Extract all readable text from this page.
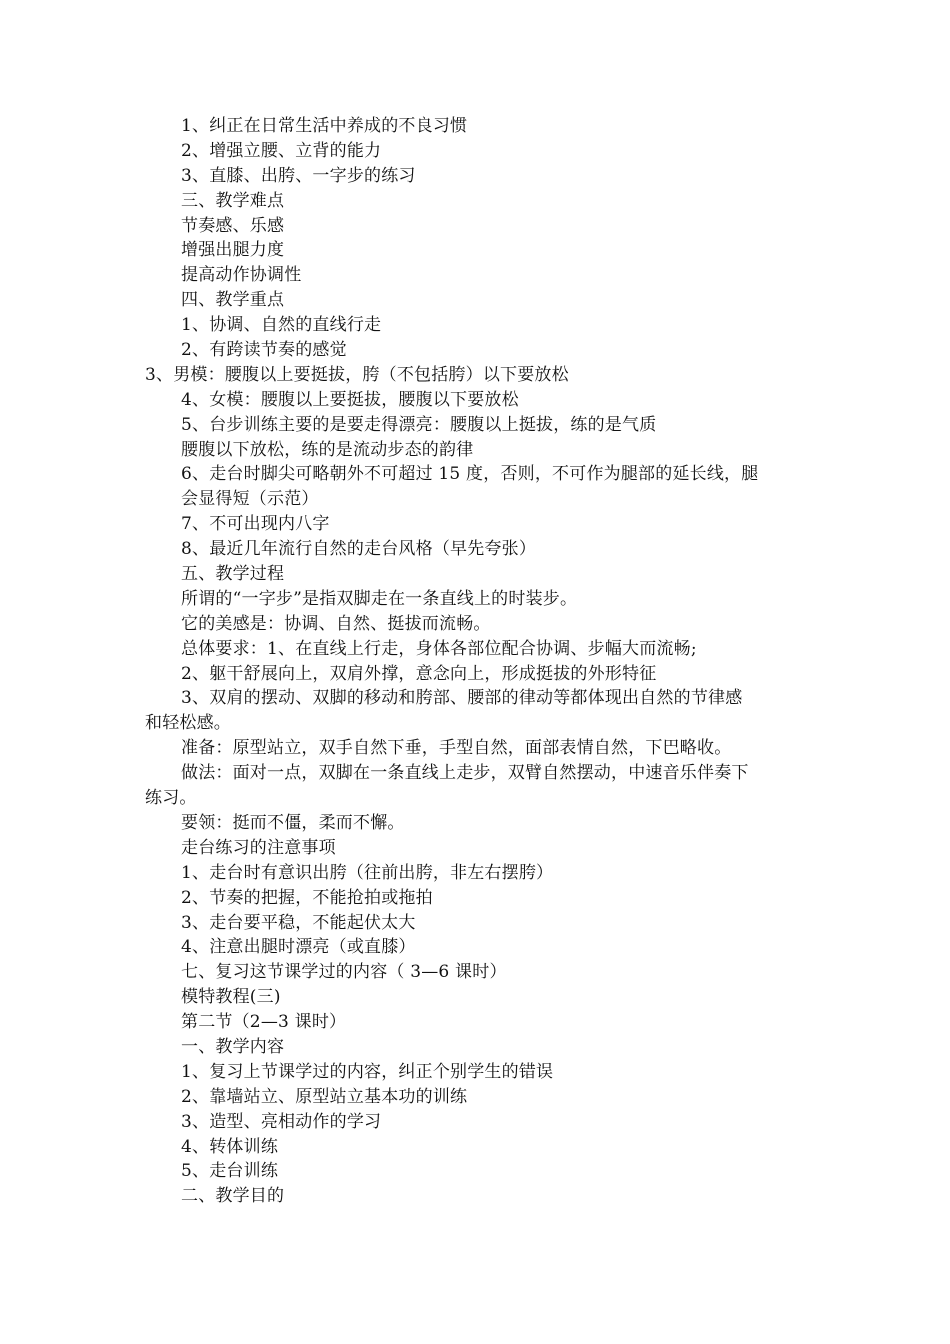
1、纠正在日常生活中养成的不良习惯
2、增强立腰、立背的能力
3、直膝、出胯、一字步的练习
三、教学难点
节奏感、乐感
增强出腿力度
提高动作协调性
四、教学重点
1、协调、自然的直线行走
2、有跨读节奏的感觉
3、男模：腰腹以上要挺拔，胯（不包括胯）以下要放松
4、女模：腰腹以上要挺拔，腰腹以下要放松
5、台步训练主要的是要走得漂亮：腰腹以上挺拔，练的是气质
腰腹以下放松，练的是流动步态的韵律
6、走台时脚尖可略朝外不可超过 15 度，否则，不可作为腿部的延长线，腿
会显得短（示范）
7、不可出现内八字
8、最近几年流行自然的走台风格（早先夸张）
五、教学过程
所谓的“一字步”是指双脚走在一条直线上的时装步。
它的美感是：协调、自然、挺拔而流畅。
总体要求：1、在直线上行走，身体各部位配合协调、步幅大而流畅;
2、躯干舒展向上，双肩外撑，意念向上，形成挺拔的外形特征
3、双肩的摆动、双脚的移动和胯部、腰部的律动等都体现出自然的节律感
和轻松感。
准备：原型站立，双手自然下垂，手型自然，面部表情自然，下巴略收。
做法：面对一点，双脚在一条直线上走步，双臂自然摆动，中速音乐伴奏下
练习。
要领：挺而不僵，柔而不懈。
走台练习的注意事项
1、走台时有意识出胯（往前出胯，非左右摆胯）
2、节奏的把握，不能抢拍或拖拍
3、走台要平稳，不能起伏太大
4、注意出腿时漂亮（或直膝）
七、复习这节课学过的内容（ 3—6 课时）
模特教程(三)
第二节（2—3 课时）
一、教学内容
1、复习上节课学过的内容，纠正个别学生的错误
2、靠墙站立、原型站立基本功的训练
3、造型、亮相动作的学习
4、转体训练
5、走台训练
二、教学目的
